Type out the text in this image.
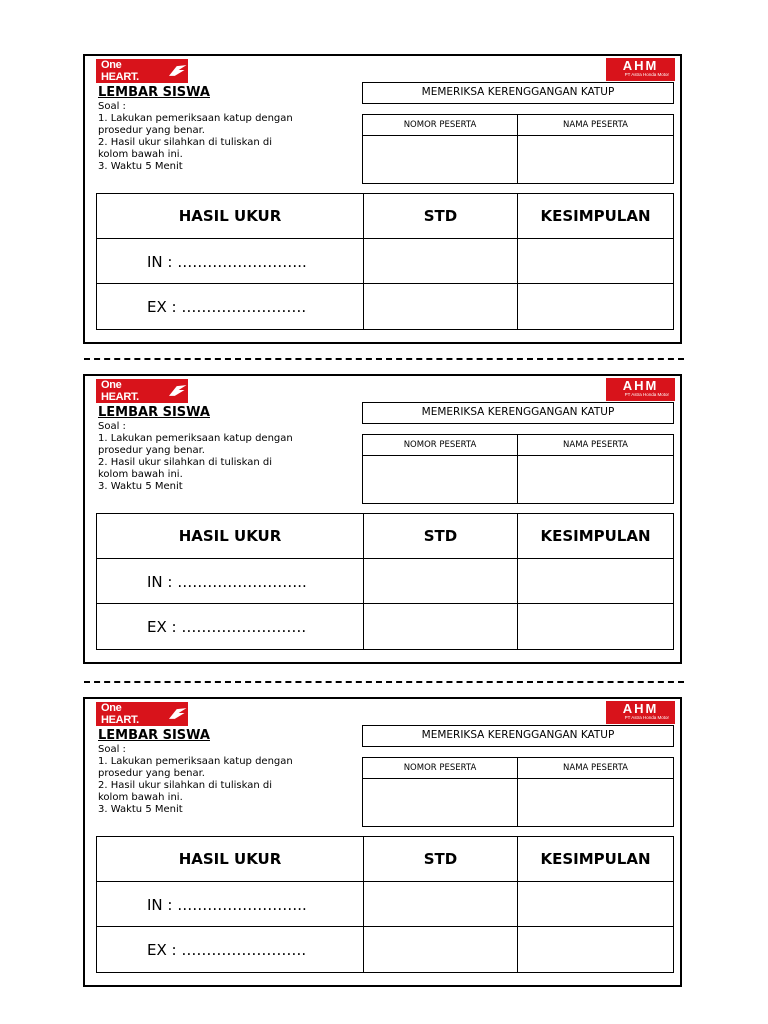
One HEART.
AHM
PT Astra Honda Motor
LEMBAR SISWA
Soal :
1. Lakukan pemeriksaan katup dengan
prosedur yang benar.
2. Hasil ukur silahkan di tuliskan di
kolom bawah ini.
3. Waktu 5 Menit
MEMERIKSA KERENGGANGAN KATUP
NOMOR PESERTA	NAMA PESERTA
HASIL UKUR	STD	KESIMPULAN
IN : ……………………..
EX : …………………….
One HEART.
AHM
PT Astra Honda Motor
LEMBAR SISWA
Soal :
1. Lakukan pemeriksaan katup dengan
prosedur yang benar.
2. Hasil ukur silahkan di tuliskan di
kolom bawah ini.
3. Waktu 5 Menit
MEMERIKSA KERENGGANGAN KATUP
NOMOR PESERTA	NAMA PESERTA
HASIL UKUR	STD	KESIMPULAN
IN : ……………………..
EX : …………………….
One HEART.
AHM
PT Astra Honda Motor
LEMBAR SISWA
Soal :
1. Lakukan pemeriksaan katup dengan
prosedur yang benar.
2. Hasil ukur silahkan di tuliskan di
kolom bawah ini.
3. Waktu 5 Menit
MEMERIKSA KERENGGANGAN KATUP
NOMOR PESERTA	NAMA PESERTA
HASIL UKUR	STD	KESIMPULAN
IN : ……………………..
EX : …………………….
